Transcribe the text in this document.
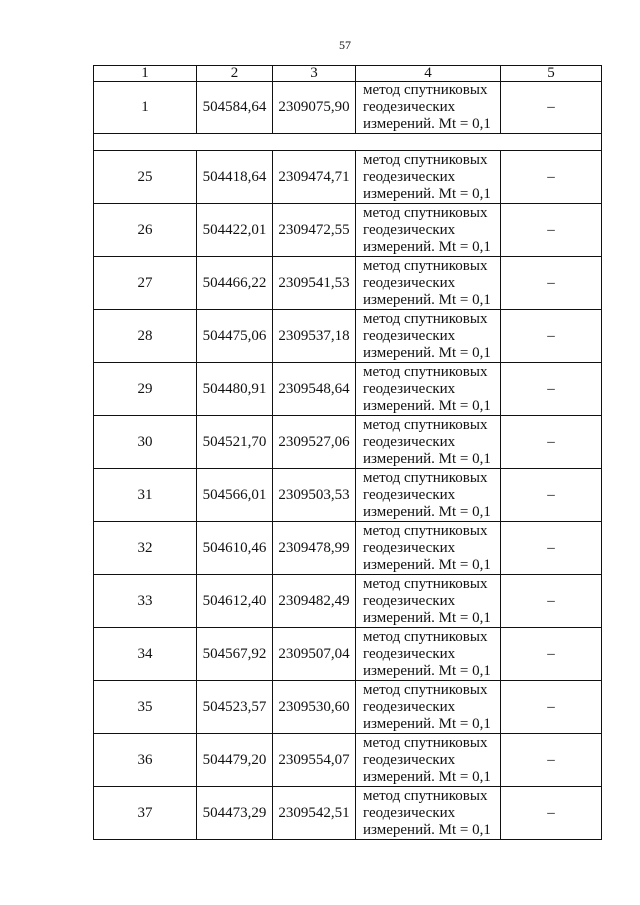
57
1	2	3	4	5
1	504584,64	2309075,90	метод спутниковых
геодезических
измерений. Mt = 0,1	–

25	504418,64	2309474,71	метод спутниковых
геодезических
измерений. Mt = 0,1	–
26	504422,01	2309472,55	метод спутниковых
геодезических
измерений. Mt = 0,1	–
27	504466,22	2309541,53	метод спутниковых
геодезических
измерений. Mt = 0,1	–
28	504475,06	2309537,18	метод спутниковых
геодезических
измерений. Mt = 0,1	–
29	504480,91	2309548,64	метод спутниковых
геодезических
измерений. Mt = 0,1	–
30	504521,70	2309527,06	метод спутниковых
геодезических
измерений. Mt = 0,1	–
31	504566,01	2309503,53	метод спутниковых
геодезических
измерений. Mt = 0,1	–
32	504610,46	2309478,99	метод спутниковых
геодезических
измерений. Mt = 0,1	–
33	504612,40	2309482,49	метод спутниковых
геодезических
измерений. Mt = 0,1	–
34	504567,92	2309507,04	метод спутниковых
геодезических
измерений. Mt = 0,1	–
35	504523,57	2309530,60	метод спутниковых
геодезических
измерений. Mt = 0,1	–
36	504479,20	2309554,07	метод спутниковых
геодезических
измерений. Mt = 0,1	–
37	504473,29	2309542,51	метод спутниковых
геодезических
измерений. Mt = 0,1	–
